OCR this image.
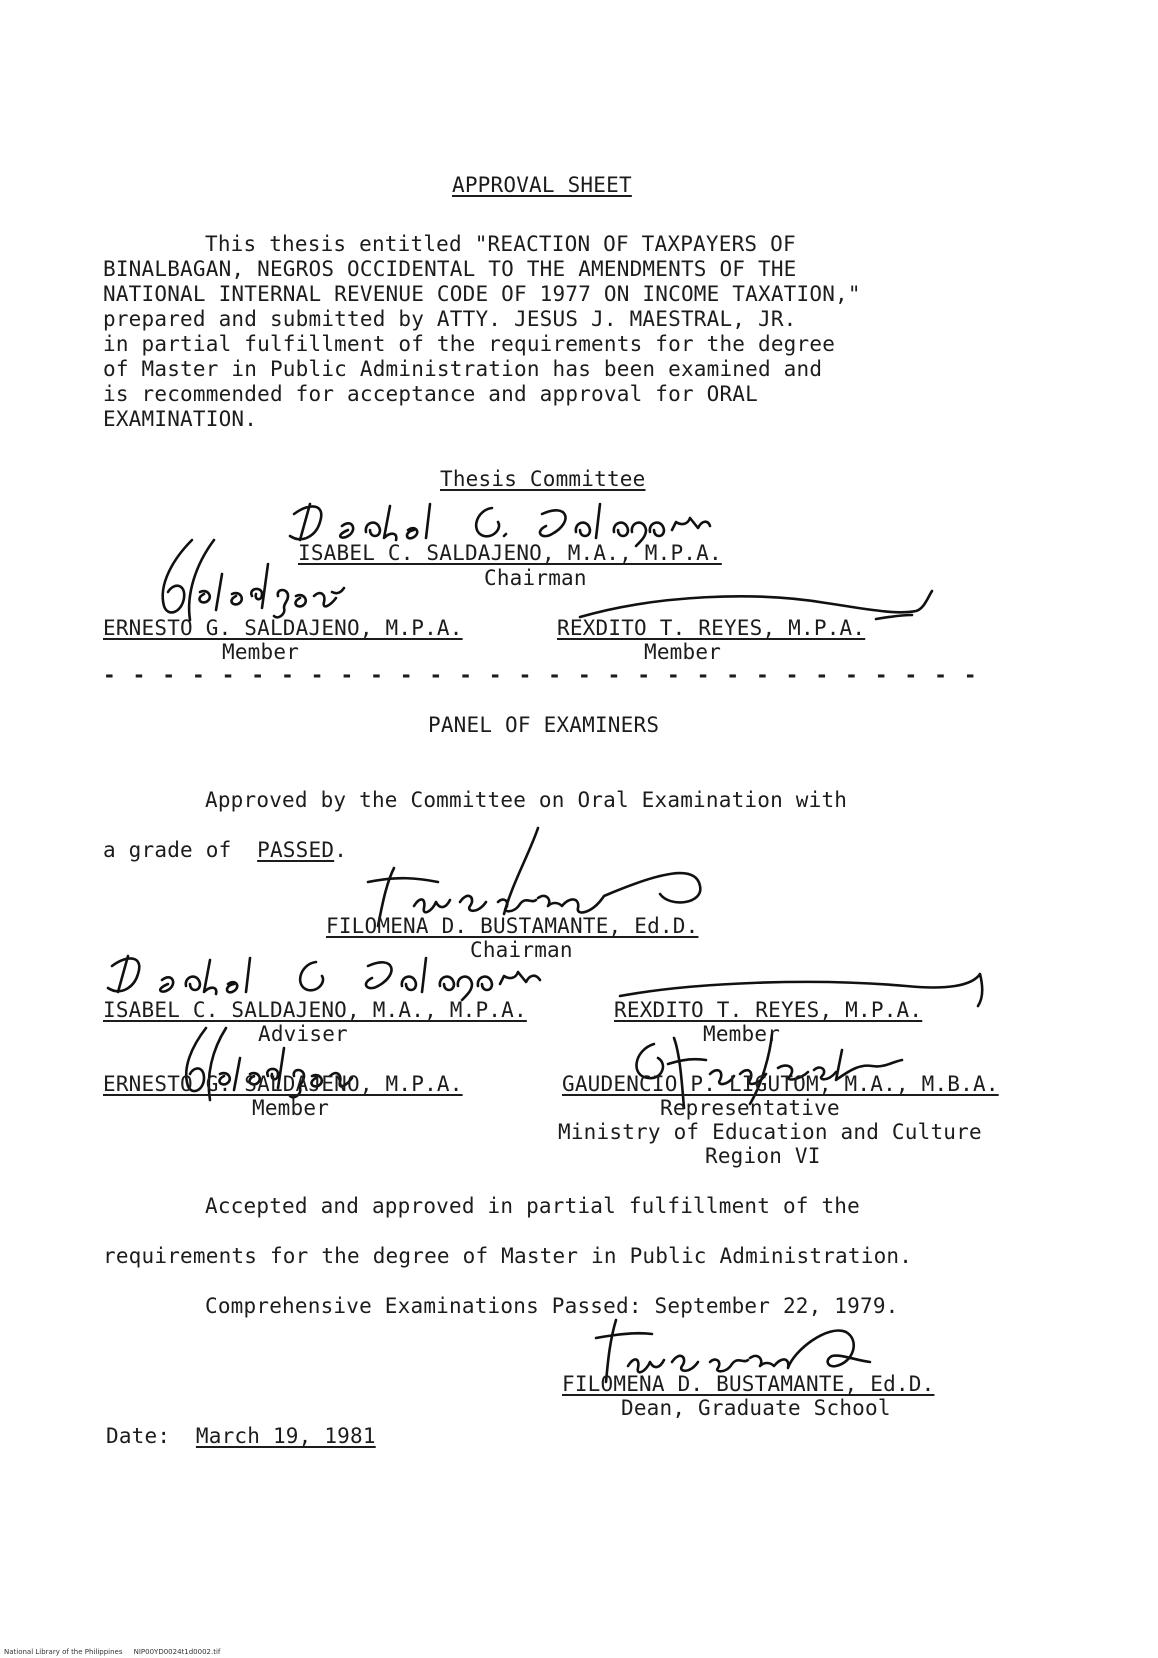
APPROVAL SHEET
This thesis entitled "REACTION OF TAXPAYERS OF
BINALBAGAN, NEGROS OCCIDENTAL TO THE AMENDMENTS OF THE
NATIONAL INTERNAL REVENUE CODE OF 1977 ON INCOME TAXATION,"
prepared and submitted by ATTY. JESUS J. MAESTRAL, JR.
in partial fulfillment of the requirements for the degree
of Master in Public Administration has been examined and
is recommended for acceptance and approval for ORAL
EXAMINATION.
Thesis Committee
ISABEL C. SALDAJENO, M.A., M.P.A.
Chairman
ERNESTO G. SALDAJENO, M.P.A.
Member
REXDITO T. REYES, M.P.A.
Member
- - - - - - - - - - - - - - - - - - - - - - - - - - - - - -
PANEL OF EXAMINERS
Approved by the Committee on Oral Examination with
a grade of PASSED.
FILOMENA D. BUSTAMANTE, Ed.D.
Chairman
ISABEL C. SALDAJENO, M.A., M.P.A.
Adviser
REXDITO T. REYES, M.P.A.
Member
ERNESTO G. SALDAJENO, M.P.A.
Member
GAUDENCIO P. LIGUTOM, M.A., M.B.A.
Representative
Ministry of Education and Culture
Region VI
Accepted and approved in partial fulfillment of the
requirements for the degree of Master in Public Administration.
Comprehensive Examinations Passed: September 22, 1979.
FILOMENA D. BUSTAMANTE, Ed.D.
Dean, Graduate School
Date: March 19, 1981
National Library of the Philippines     NIP00YD0024t1d0002.tif
